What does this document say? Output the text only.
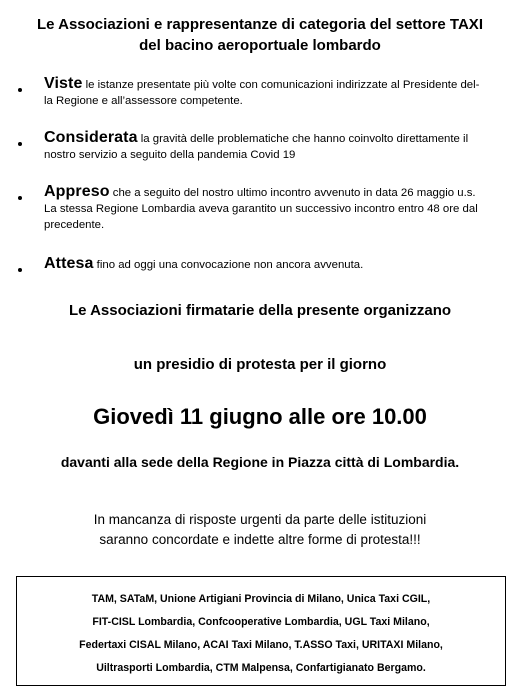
Le Associazioni e rappresentanze di categoria del settore TAXI
del bacino aeroportuale lombardo
Viste le istanze presentate più volte con comunicazioni indirizzate al Presidente del-
la Regione e all’assessore competente.
Considerata la gravità delle problematiche che hanno coinvolto direttamente il
nostro servizio a seguito della pandemia Covid 19
Appreso che a seguito del nostro ultimo incontro avvenuto in data 26 maggio u.s.
La stessa Regione Lombardia aveva garantito un successivo incontro entro 48 ore dal
precedente.
Attesa fino ad oggi una convocazione non ancora avvenuta.
Le Associazioni firmatarie della presente organizzano
un presidio di protesta per il giorno
Giovedì 11 giugno alle ore 10.00
davanti alla sede della Regione in Piazza città di Lombardia.
In mancanza di risposte urgenti da parte delle istituzioni
saranno concordate e indette altre forme di protesta!!!
TAM, SATaM, Unione Artigiani Provincia di Milano, Unica Taxi CGIL,
FIT-CISL Lombardia, Confcooperative Lombardia, UGL Taxi Milano,
Federtaxi CISAL Milano, ACAI Taxi Milano, T.ASSO Taxi, URITAXI Milano,
Uiltrasporti Lombardia, CTM Malpensa, Confartigianato Bergamo.
